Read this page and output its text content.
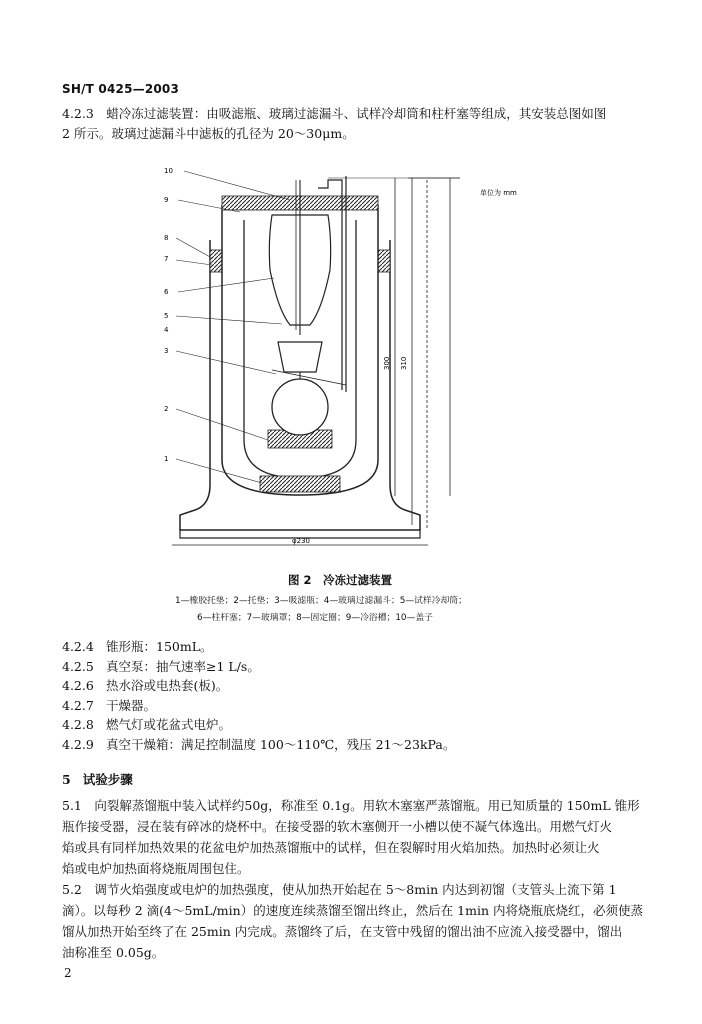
SH/T 0425—2003
4.2.3　蜡冷冻过滤装置：由吸滤瓶、玻璃过滤漏斗、试样冷却筒和柱杆塞等组成，其安装总图如图
2 所示。玻璃过滤漏斗中滤板的孔径为 20～30μm。
300 310
单位为 mm
φ230
10
9
8
7
6
5
4
3
2
1
图 2　冷冻过滤装置
1—橡胶托垫；2—托垫；3—吸滤瓶；4—玻璃过滤漏斗；5—试样冷却筒；
6—柱杆塞；7—玻璃罩；8—固定圈；9—冷浴槽；10—盖子
4.2.4 锥形瓶：150mL。
4.2.5 真空泵：抽气速率≥1 L/s。
4.2.6 热水浴或电热套(板)。
4.2.7 干燥器。
4.2.8 燃气灯或花盆式电炉。
4.2.9 真空干燥箱：满足控制温度 100～110℃，残压 21～23kPa。
5 试验步骤
5.1　向裂解蒸馏瓶中装入试样约50g，称准至 0.1g。用软木塞塞严蒸馏瓶。用已知质量的 150mL 锥形
瓶作接受器，浸在装有碎冰的烧杯中。在接受器的软木塞侧开一小槽以使不凝气体逸出。用燃气灯火
焰或具有同样加热效果的花盆电炉加热蒸馏瓶中的试样，但在裂解时用火焰加热。加热时必须让火
焰或电炉加热面将烧瓶周围包住。
5.2　调节火焰强度或电炉的加热强度，使从加热开始起在 5～8min 内达到初馏（支管头上流下第 1
滴）。以每秒 2 滴(4～5mL/min）的速度连续蒸馏至馏出终止，然后在 1min 内将烧瓶底烧红，必须使蒸
馏从加热开始至终了在 25min 内完成。蒸馏终了后，在支管中残留的馏出油不应流入接受器中，馏出
油称准至 0.05g。
2
